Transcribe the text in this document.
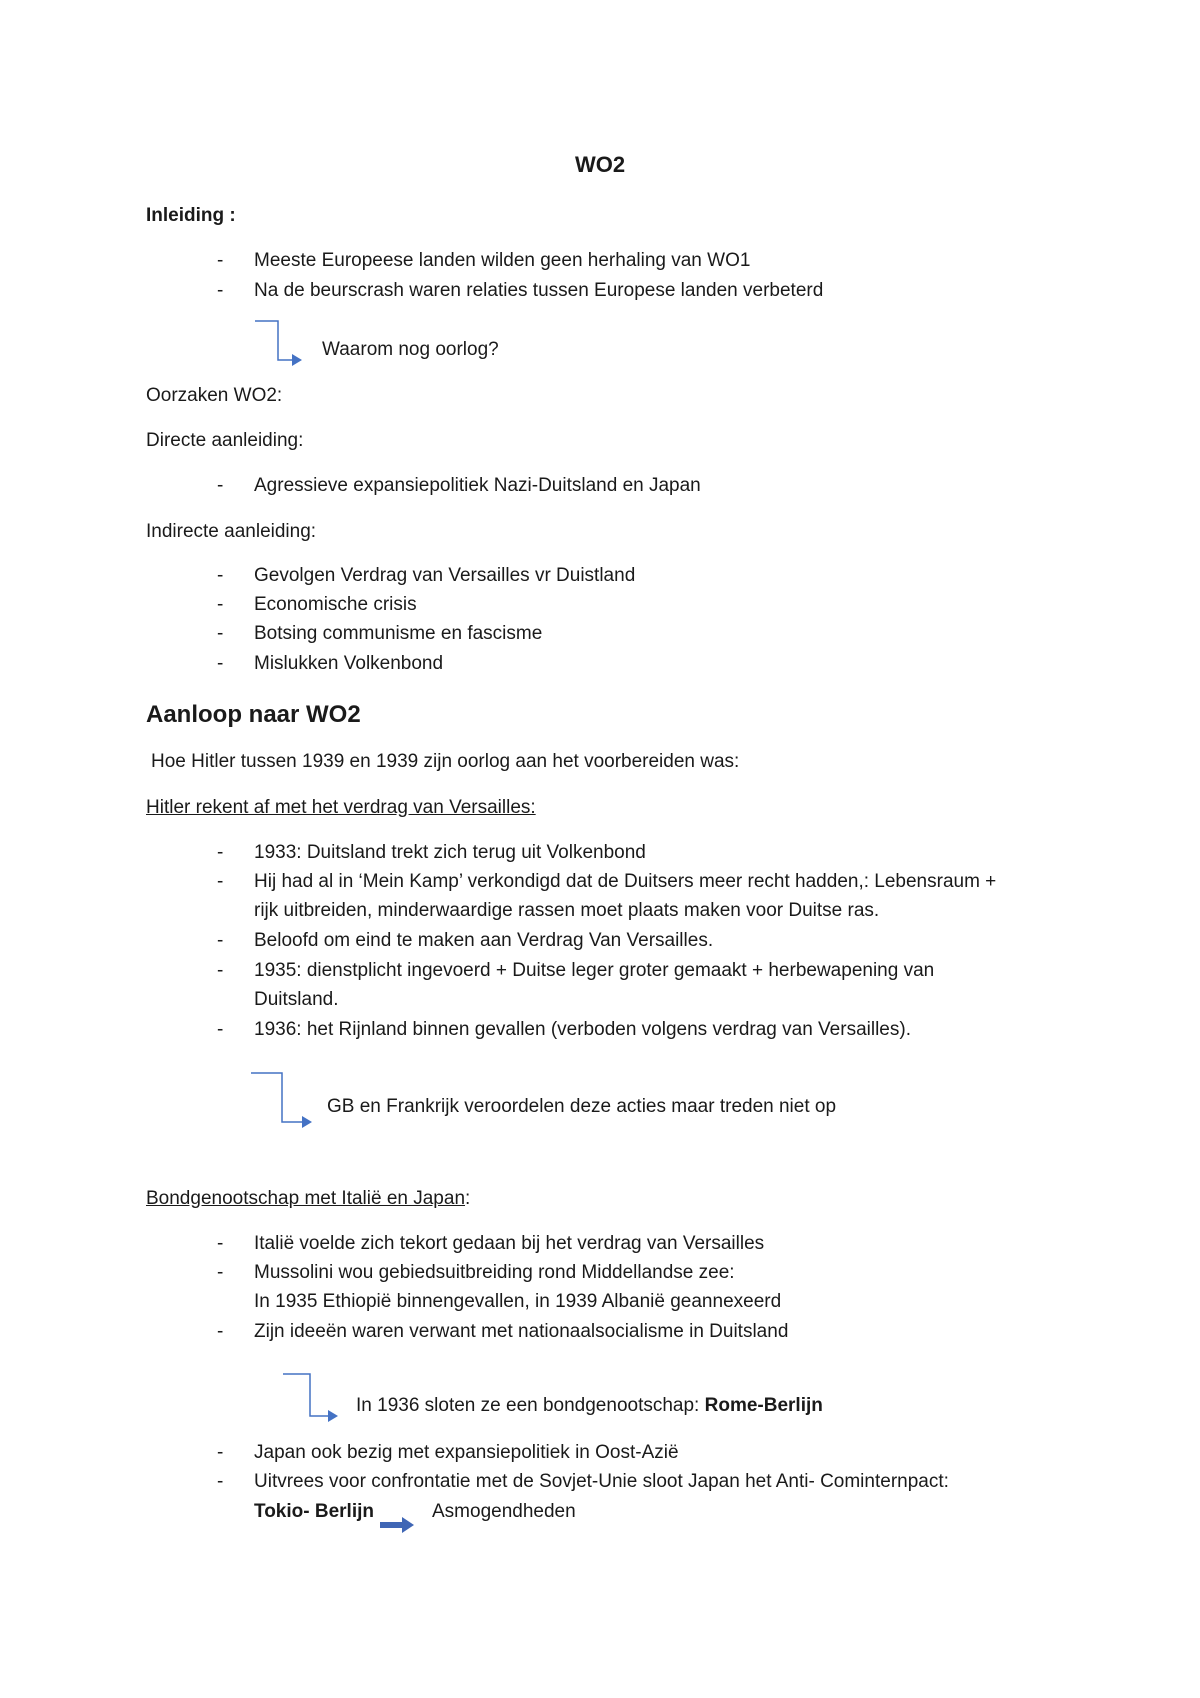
WO2
Inleiding :
-	Meeste Europeese landen wilden geen herhaling van WO1
-	Na de beurscrash waren relaties tussen Europese landen verbeterd
Waarom nog oorlog?
Oorzaken WO2:
Directe aanleiding:
-	Agressieve expansiepolitiek Nazi-Duitsland en Japan
Indirecte aanleiding:
-	Gevolgen Verdrag van Versailles vr Duistland
-	Economische crisis
-	Botsing communisme en fascisme
-	Mislukken Volkenbond
Aanloop naar WO2
Hoe Hitler tussen 1939 en 1939 zijn oorlog aan het voorbereiden was:
Hitler rekent af met het verdrag van Versailles:
-	1933: Duitsland trekt zich terug uit Volkenbond
-	Hij had al in ‘Mein Kamp’ verkondigd dat de Duitsers meer recht hadden,: Lebensraum +
rijk uitbreiden, minderwaardige rassen moet plaats maken voor Duitse ras.
-	Beloofd om eind te maken aan Verdrag Van Versailles.
-	1935: dienstplicht ingevoerd + Duitse leger groter gemaakt + herbewapening van
Duitsland.
-	1936: het Rijnland binnen gevallen (verboden volgens verdrag van Versailles).
GB en Frankrijk veroordelen deze acties maar treden niet op
Bondgenootschap met Italië en Japan:
-	Italië voelde zich tekort gedaan bij het verdrag van Versailles
-	Mussolini wou gebiedsuitbreiding rond Middellandse zee:
In 1935 Ethiopië binnengevallen, in 1939 Albanië geannexeerd
-	Zijn ideeën waren verwant met nationaalsocialisme in Duitsland
In 1936 sloten ze een bondgenootschap: Rome-Berlijn
-	Japan ook bezig met expansiepolitiek in Oost-Azië
-	Uitvrees voor confrontatie met de Sovjet-Unie sloot Japan het Anti- Cominternpact:
Tokio- Berlijn	Asmogendheden
